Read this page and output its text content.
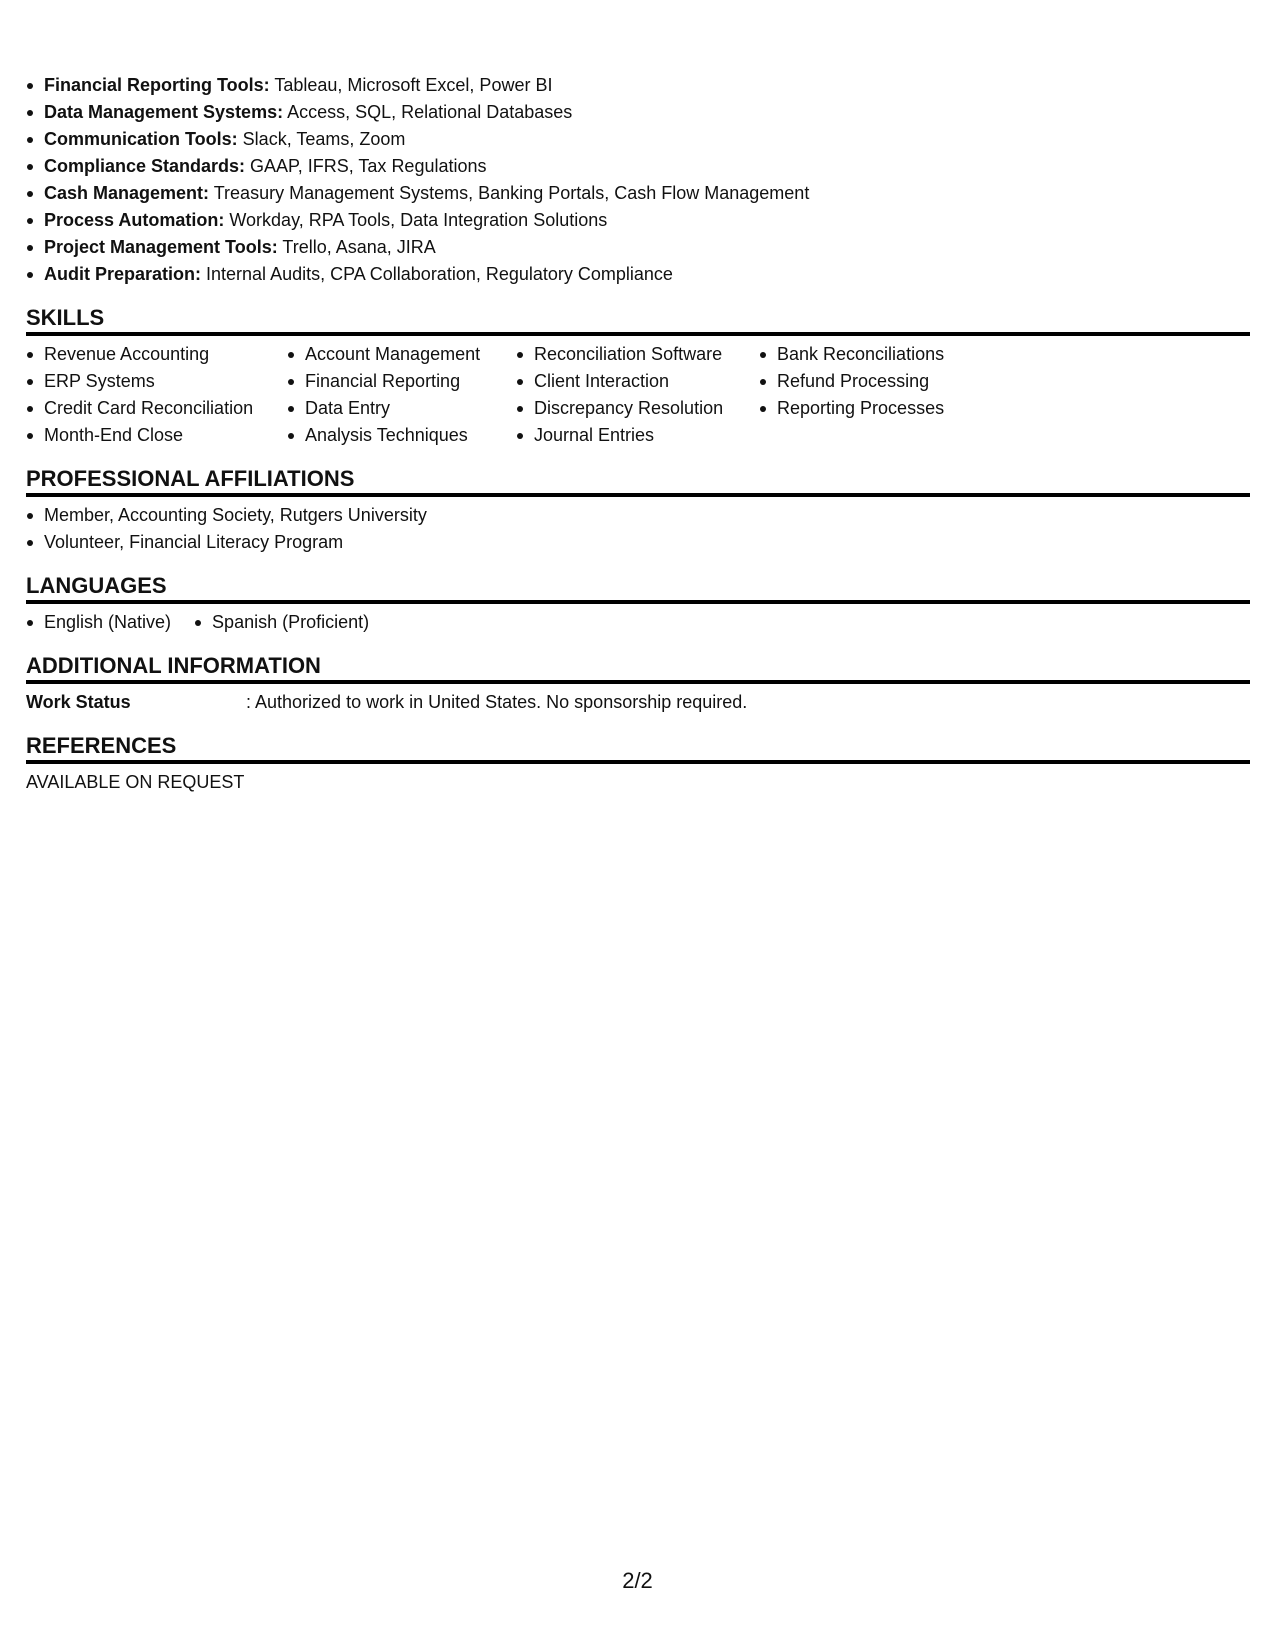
Financial Reporting Tools: Tableau, Microsoft Excel, Power BI
Data Management Systems: Access, SQL, Relational Databases
Communication Tools: Slack, Teams, Zoom
Compliance Standards: GAAP, IFRS, Tax Regulations
Cash Management: Treasury Management Systems, Banking Portals, Cash Flow Management
Process Automation: Workday, RPA Tools, Data Integration Solutions
Project Management Tools: Trello, Asana, JIRA
Audit Preparation: Internal Audits, CPA Collaboration, Regulatory Compliance
SKILLS
Revenue Accounting
ERP Systems
Credit Card Reconciliation
Month-End Close
Account Management
Financial Reporting
Data Entry
Analysis Techniques
Reconciliation Software
Client Interaction
Discrepancy Resolution
Journal Entries
Bank Reconciliations
Refund Processing
Reporting Processes
PROFESSIONAL AFFILIATIONS
Member, Accounting Society, Rutgers University
Volunteer, Financial Literacy Program
LANGUAGES
English (Native)	Spanish (Proficient)
ADDITIONAL INFORMATION
Work Status	: Authorized to work in United States. No sponsorship required.
REFERENCES
AVAILABLE ON REQUEST
2/2
